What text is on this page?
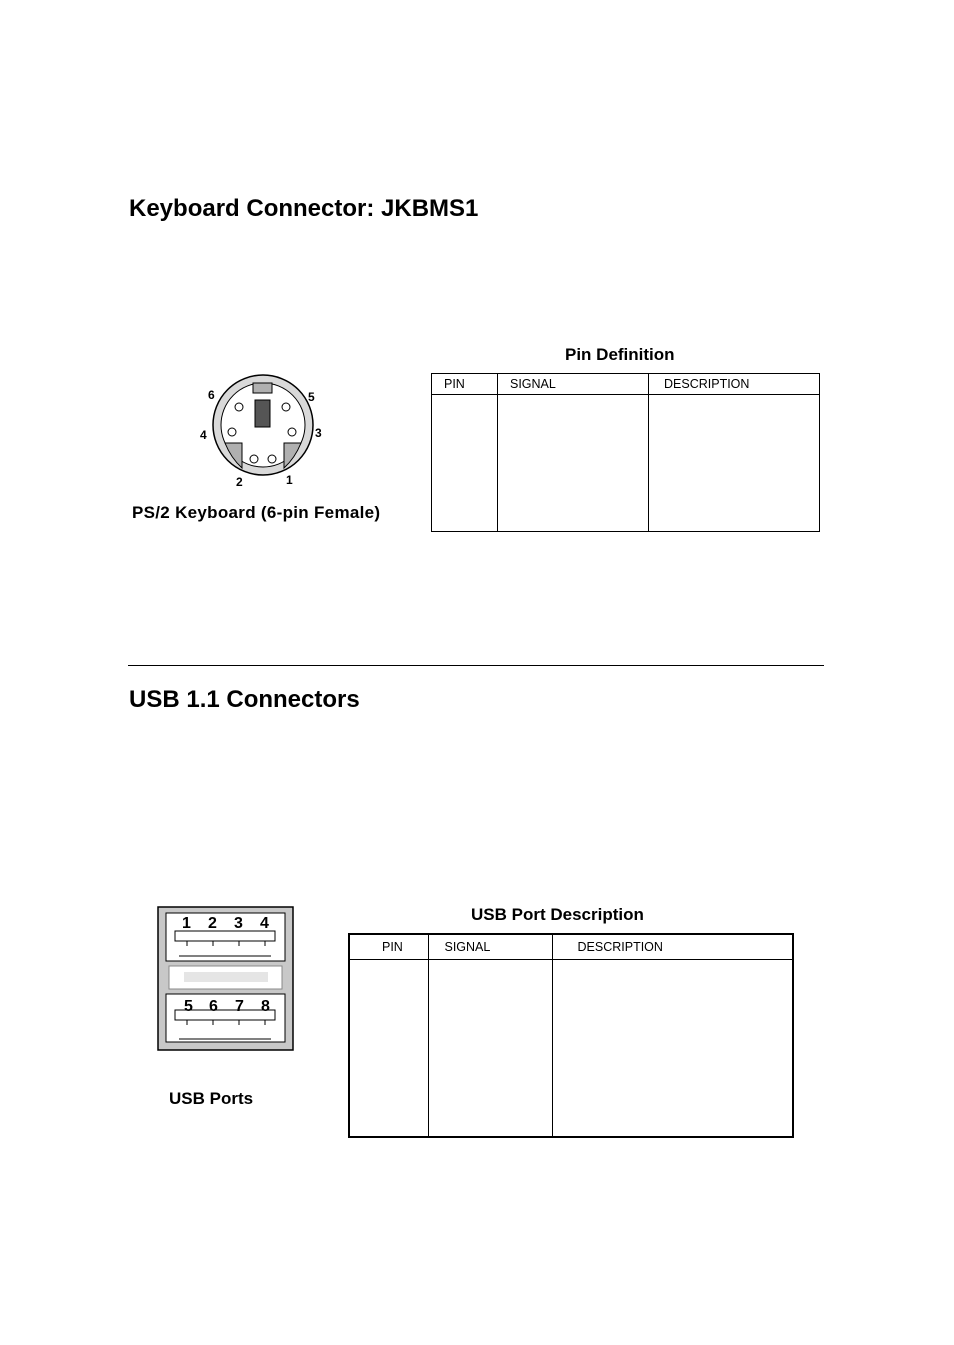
Keyboard Connector: JKBMS1
1
2
3
4
5
6
PS/2 Keyboard (6-pin Female)
Pin Definition
PIN	SIGNAL	DESCRIPTION

USB 1.1 Connectors
1 2 3 4
5 6 7 8
USB Ports
USB Port Description
PIN	SIGNAL	DESCRIPTION
